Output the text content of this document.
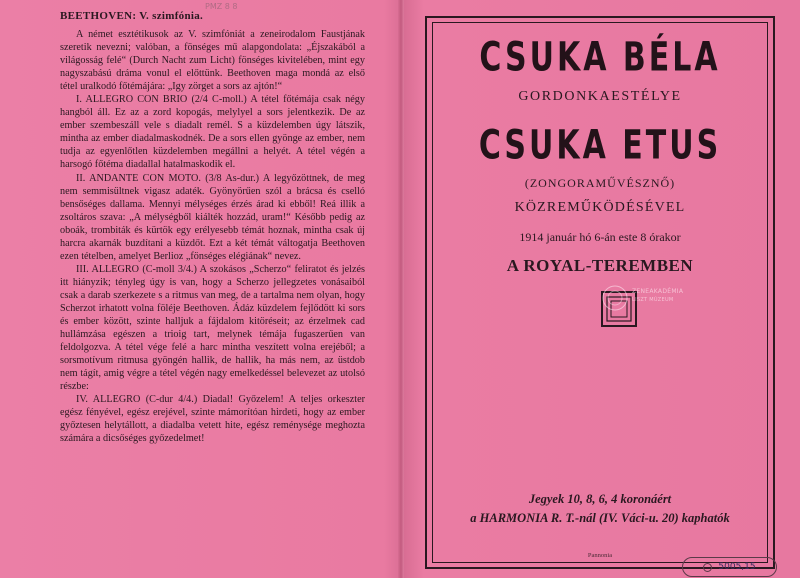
PMZ 8 8
BEETHOVEN: V. szimfónia.

A német esztétikusok az V. szimfóniát a zeneirodalom Faustjának szeretik nevezni; valóban, a fönséges mű alapgondolata: „Éjszakából a világosság felé“ (Durch Nacht zum Licht) fönséges kivitelében, mint egy nagyszabású dráma vonul el előttünk. Beethoven maga mondá az első tétel uralkodó főtémájára: „Igy zörget a sors az ajtón!“

I. ALLEGRO CON BRIO (2/4 C-moll.) A tétel főtémája csak négy hangból áll. Ez az a zord kopogás, melylyel a sors jelentkezik. De az ember szembeszáll vele s diadalt remél. S a küzdelemben úgy látszik, mintha az ember diadalmaskodnék. De a sors ellen gyönge az ember, nem tudja az egyenlőtlen küzdelemben megállni a helyét. A tétel végén a harsogó főtéma diadallal hatalmaskodik el.

II. ANDANTE CON MOTO. (3/8 As-dur.) A legyőzöttnek, de meg nem semmisültnek vigasz adaték. Gyönyörűen szól a brácsa és cselló bensőséges dallama. Mennyi mélységes érzés árad ki ebből! Reá illik a zsoltáros szava: „A mélységből kiálték hozzád, uram!“ Később pedig az oboák, trombiták és kürtök egy erélyesebb témát hoznak, mintha csak új harcra akarnák buzdítani a küzdőt. Ezt a két témát váltogatja Beethoven ezen tételben, amelyet Berlioz „fönséges elégiának“ nevez.

III. ALLEGRO (C-moll 3/4.) A szokásos „Scherzo“ feliratot és jelzés itt hiányzik; tényleg úgy is van, hogy a Scherzo jellegzetes vonásaiból csak a darab szerkezete s a ritmus van meg, de a tartalma nem olyan, hogy Scherzot irhatott volna föléje Beethoven. Ádáz küzdelem fejlődött ki sors és ember között, szinte halljuk a fájdalom kitöréseit; az érzelmek cad hullámzása egészen a trioig tart, melynek témája fugaszerűen van feldolgozva. A tétel vége felé a harc mintha veszített volna erejéből; a sorsmotívum ritmusa gyöngén hallik, de hallik, ha más nem, az üstdob nem tágít, amig végre a tétel végén nagy emelkedéssel belevezet az utolsó részbe:

IV. ALLEGRO (C-dur 4/4.) Diadal! Győzelem! A teljes orkeszter egész fényével, egész erejével, szinte mámorítóan hirdeti, hogy az ember győztesen helytállott, a diadalba vetett hite, egész reménysége meghozta számára a dicsőséges győzedelmet!

CSUKA BÉLA
GORDONKAESTÉLYE
CSUKA ETUS
(ZONGORAMŰVÉSZNŐ)
KÖZREMŰKÖDÉSÉVEL
1914 január hó 6-án este 8 órakor
A ROYAL-TEREMBEN
ZENEAKADÉMIA
LISZT MÚZEUM
Jegyek 10, 8, 6, 4 koronáért
a HARMONIA R. T.-nál (IV. Váci-u. 20) kaphatók
Pannonia
5005,15
